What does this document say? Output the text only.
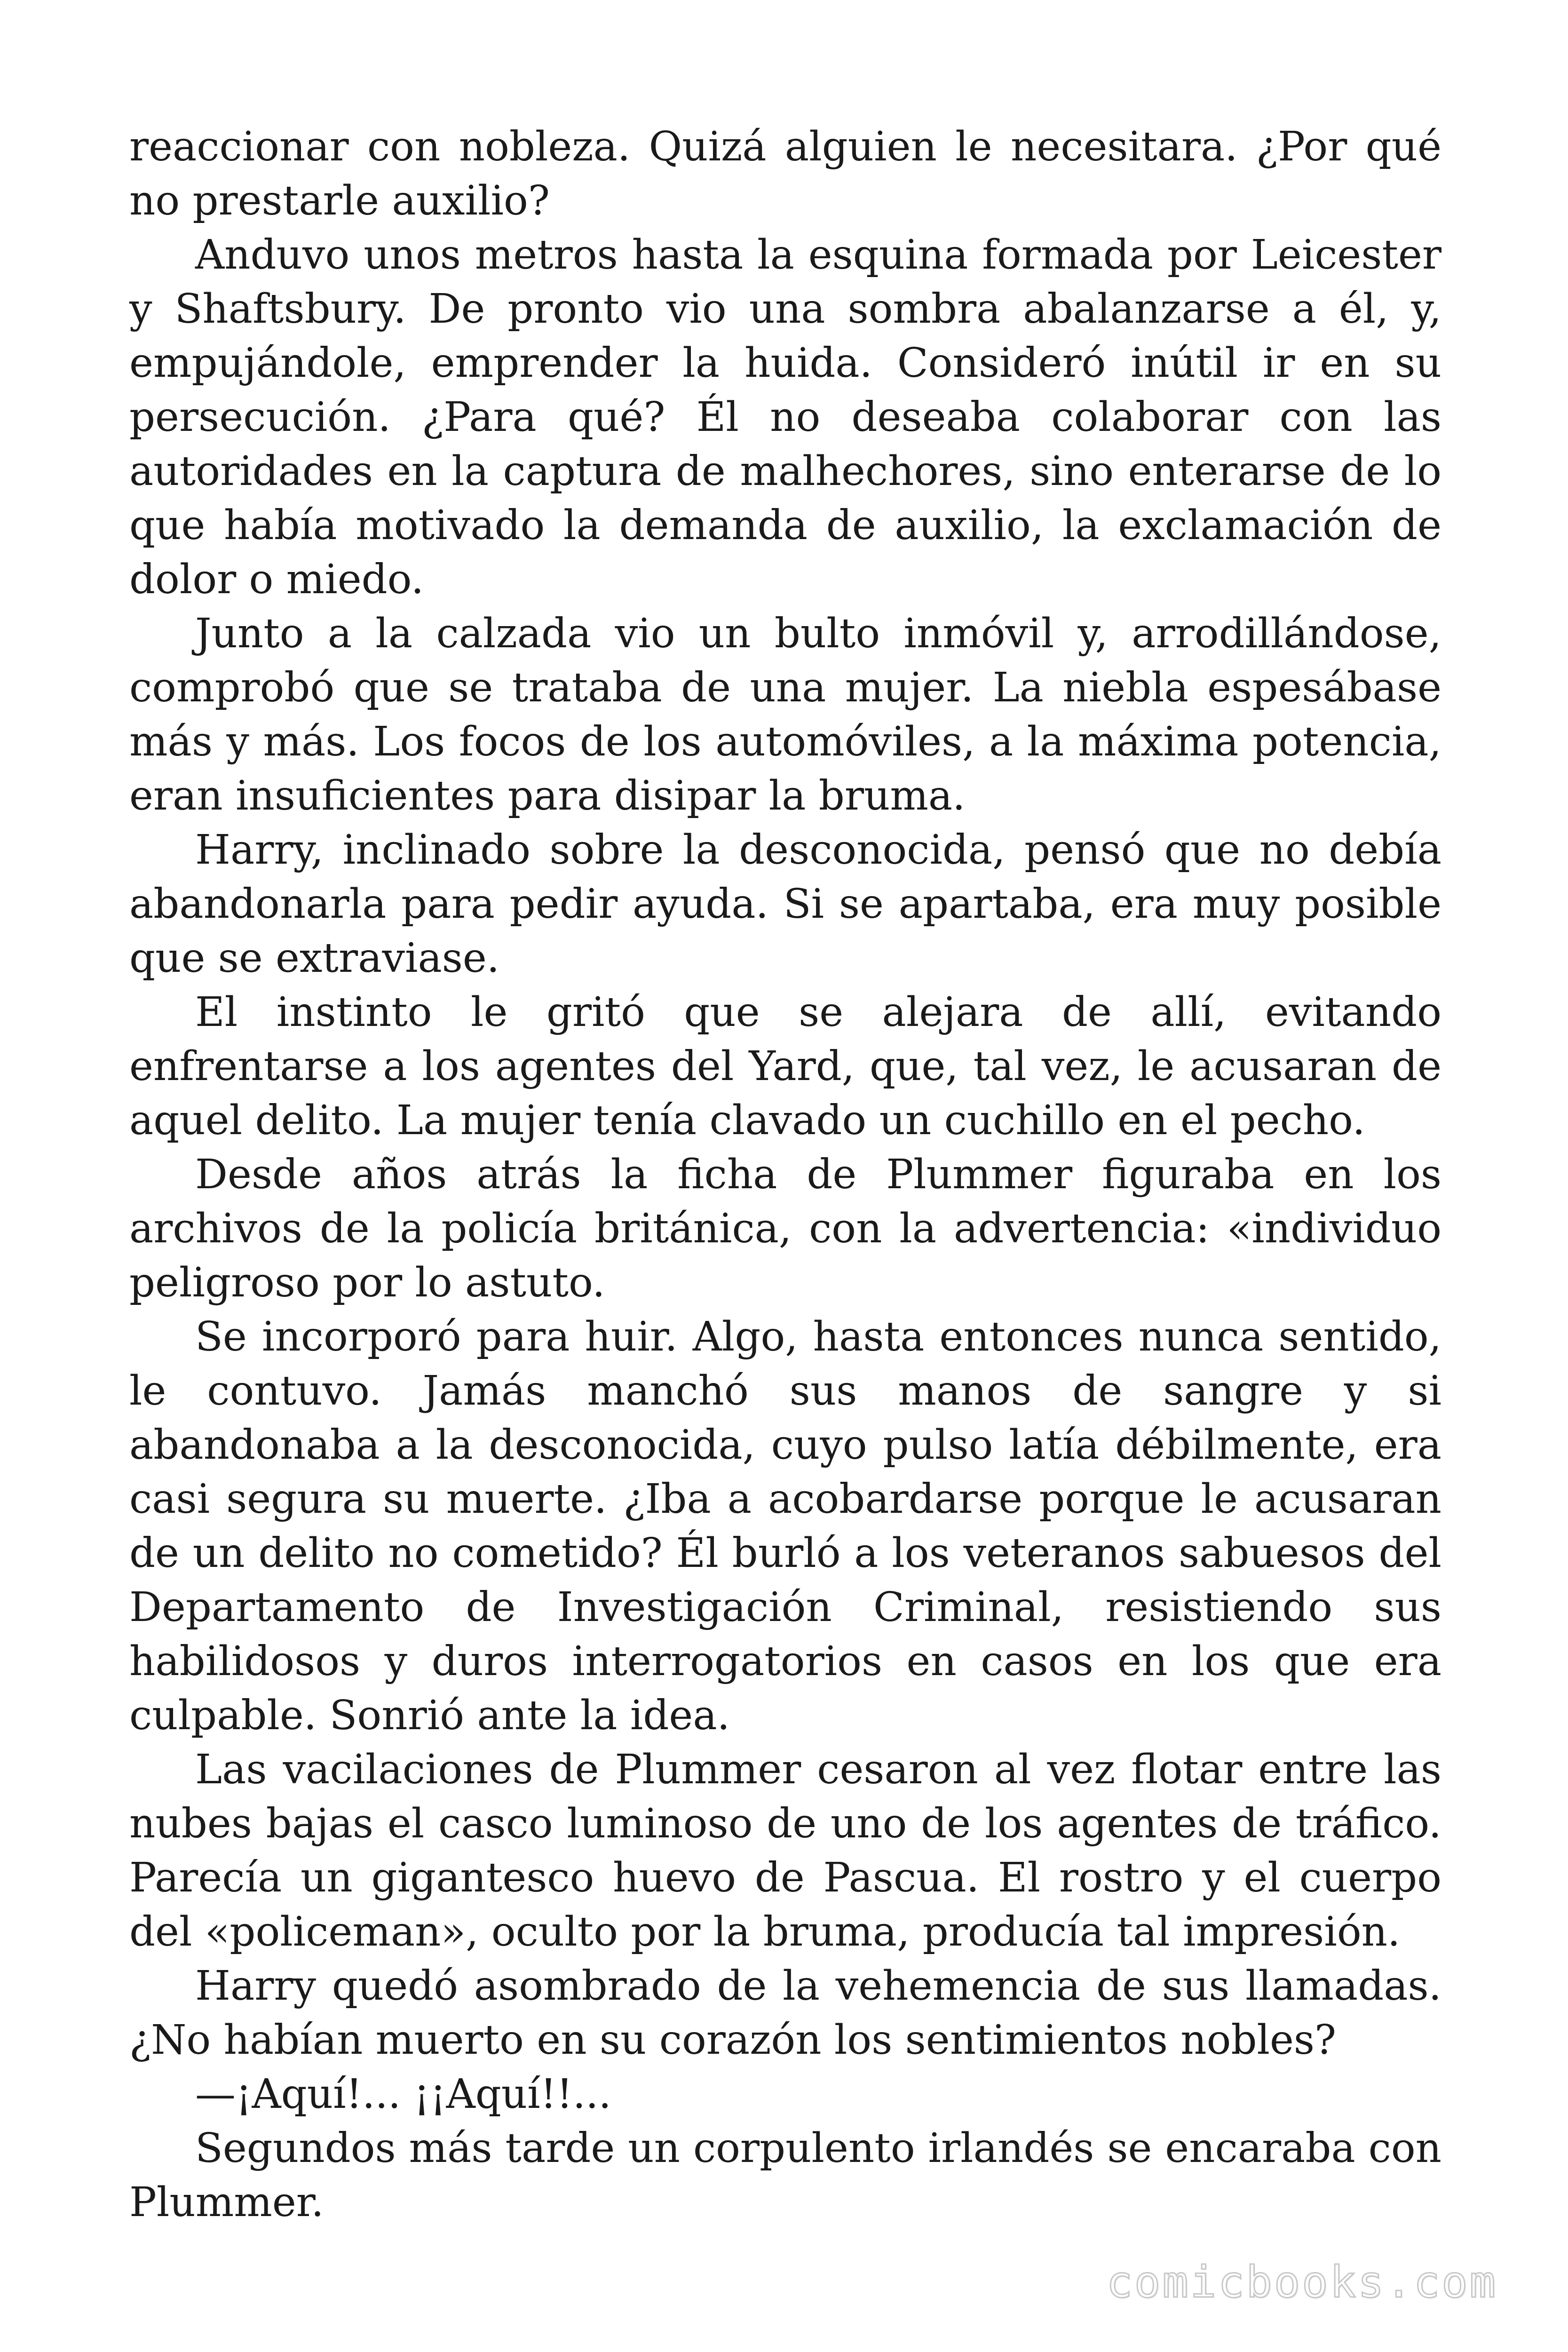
reaccionar con nobleza. Quizá alguien le necesitara. ¿Por qué no prestarle auxilio?

Anduvo unos metros hasta la esquina formada por Leicester y Shaftsbury. De pronto vio una sombra abalanzarse a él, y, empujándole, emprender la huida. Consideró inútil ir en su persecución. ¿Para qué? Él no deseaba colaborar con las autoridades en la captura de malhechores, sino enterarse de lo que había motivado la demanda de auxilio, la exclamación de dolor o miedo.

Junto a la calzada vio un bulto inmóvil y, arrodillándose, comprobó que se trataba de una mujer. La niebla espesábase más y más. Los focos de los automóviles, a la máxima potencia, eran insuficientes para disipar la bruma.

Harry, inclinado sobre la desconocida, pensó que no debía abandonarla para pedir ayuda. Si se apartaba, era muy posible que se extraviase.

El instinto le gritó que se alejara de allí, evitando enfrentarse a los agentes del Yard, que, tal vez, le acusaran de aquel delito. La mujer tenía clavado un cuchillo en el pecho.

Desde años atrás la ficha de Plummer figuraba en los archivos de la policía británica, con la advertencia: «individuo peligroso por lo astuto.

Se incorporó para huir. Algo, hasta entonces nunca sentido, le contuvo. Jamás manchó sus manos de sangre y si abandonaba a la desconocida, cuyo pulso latía débilmente, era casi segura su muerte. ¿Iba a acobardarse porque le acusaran de un delito no cometido? Él burló a los veteranos sabuesos del Departamento de Investigación Criminal, resistiendo sus habilidosos y duros interrogatorios en casos en los que era culpable. Sonrió ante la idea.

Las vacilaciones de Plummer cesaron al vez flotar entre las nubes bajas el casco luminoso de uno de los agentes de tráfico. Parecía un gigantesco huevo de Pascua. El rostro y el cuerpo del «policeman», oculto por la bruma, producía tal impresión.

Harry quedó asombrado de la vehemencia de sus llamadas. ¿No habían muerto en su corazón los sentimientos nobles?

—¡Aquí!... ¡¡Aquí!!...

Segundos más tarde un corpulento irlandés se encaraba con Plummer.

comicbooks.com
